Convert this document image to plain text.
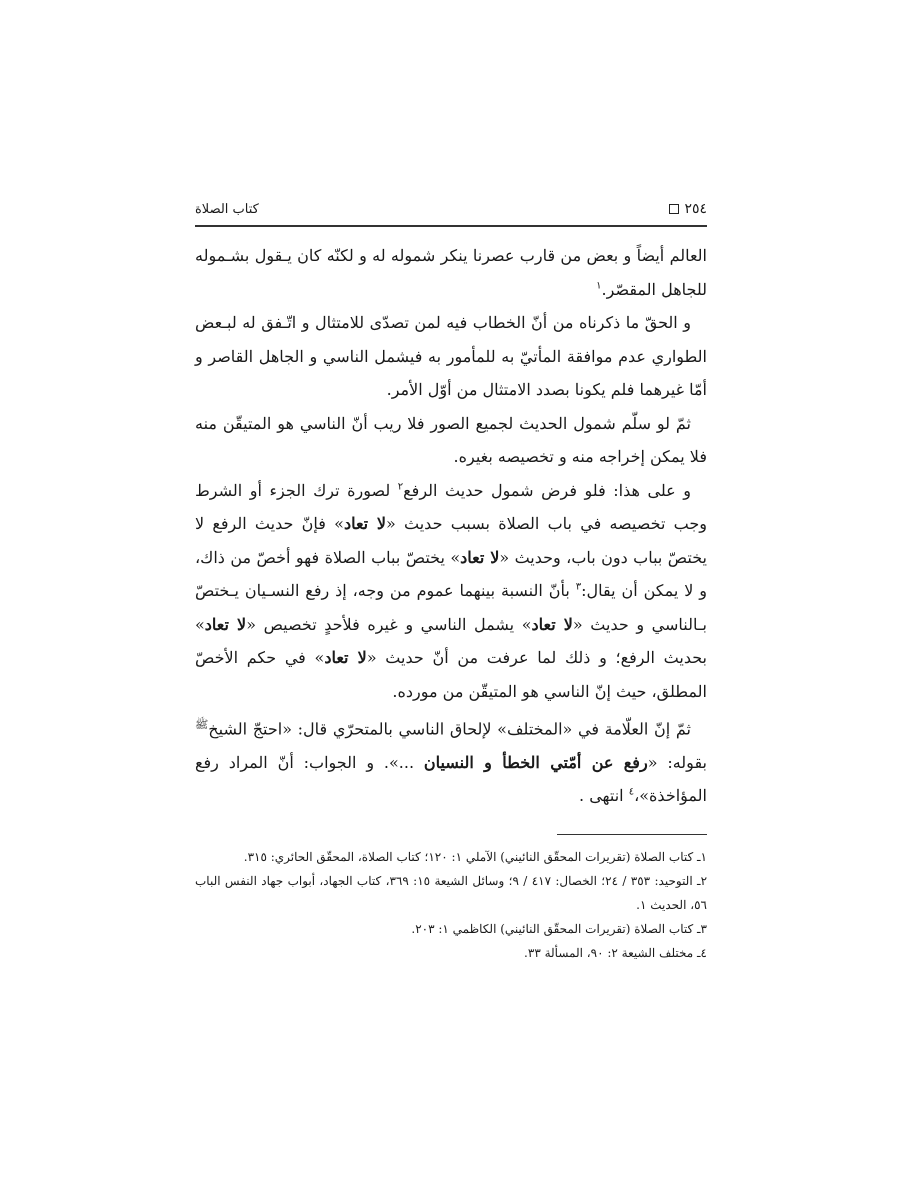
٢٥٤
كتاب الصلاة

العالم أيضاً و بعض من قارب عصرنا ينكر شموله له و لكنّه كان يـقول بشـموله للجاهل المقصّر.$^١$

و الحقّ ما ذكرناه من أنّ الخطاب فيه لمن تصدّى للامتثال و اتّـفق له لبـعض الطواري عدم موافقة المأتيّ به للمأمور به فيشمل الناسي و الجاهل القاصر و أمّا غيرهما فلم يكونا بصدد الامتثال من أوّل الأمر.

ثمّ لو سلّم شمول الحديث لجميع الصور فلا ريب أنّ الناسي هو المتيقّن منه فلا يمكن إخراجه منه و تخصيصه بغيره.

و على هذا: فلو فرض شمول حديث الرفع$^٢$ لصورة ترك الجزء أو الشرط وجب تخصيصه في باب الصلاة بسبب حديث «لا تعاد» فإنّ حديث الرفع لا يختصّ بباب دون باب، وحديث «لا تعاد» يختصّ بباب الصلاة فهو أخصّ من ذاك، و لا يمكن أن يقال:$^٣$ بأنّ النسبة بينهما عموم من وجه، إذ رفع النسـيان يـختصّ بـالناسي و حديث «لا تعاد» يشمل الناسي و غيره فلأحدٍ تخصيص «لا تعاد» بحديث الرفع؛ و ذلك لما عرفت من أنّ حديث «لا تعاد» في حكم الأخصّ المطلق، حيث إنّ الناسي هو المتيقّن من مورده.

ثمّ إنّ العلّامة في «المختلف» لإلحاق الناسي بالمتحرّي قال: «احتجّ الشيخ$^ﷺ$ بقوله: «رفع عن أمّتي الخطأ و النسيان ...». و الجواب: أنّ المراد رفع المؤاخذة»،$^٤$ انتهى .

١ـ كتاب الصلاة (تقريرات المحقّق النائيني) الآملي ١: ١٢٠؛ كتاب الصلاة، المحقّق الحائري: ٣١٥.

٢ـ التوحيد: ٣٥٣ / ٢٤؛ الخصال: ٤١٧ / ٩؛ وسائل الشيعة ١٥: ٣٦٩، كتاب الجهاد، أبواب جهاد النفس الباب ٥٦، الحديث ١.

٣ـ كتاب الصلاة (تقريرات المحقّق النائيني) الكاظمي ١: ٢٠٣.

٤ـ مختلف الشيعة ٢: ٩٠، المسألة ٣٣.
